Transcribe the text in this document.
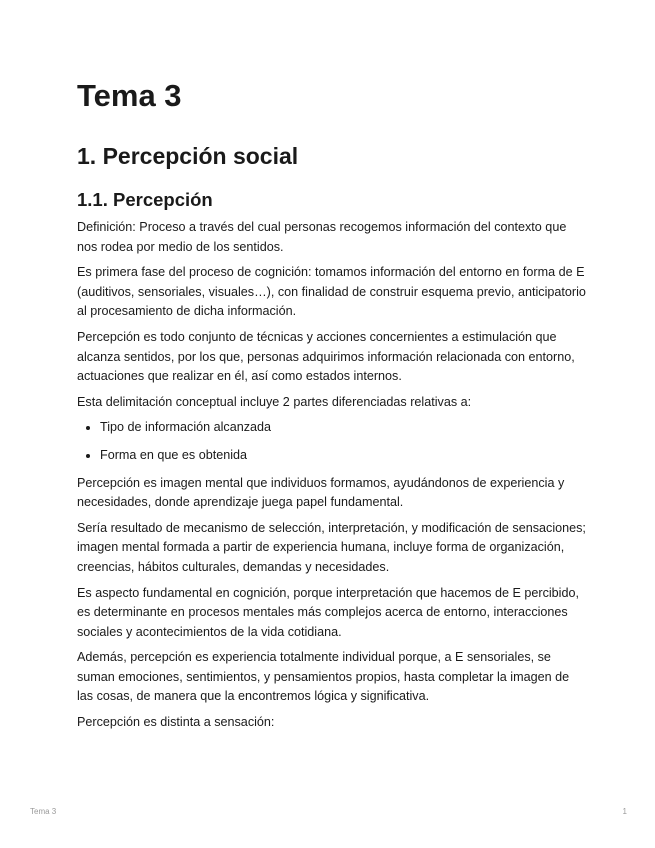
Tema 3
1. Percepción social
1.1. Percepción

Definición: Proceso a través del cual personas recogemos información del contexto que nos rodea por medio de los sentidos.

Es primera fase del proceso de cognición: tomamos información del entorno en forma de E (auditivos, sensoriales, visuales…), con finalidad de construir esquema previo, anticipatorio al procesamiento de dicha información.

Percepción es todo conjunto de técnicas y acciones concernientes a estimulación que alcanza sentidos, por los que, personas adquirimos información relacionada con entorno, actuaciones que realizar en él, así como estados internos.

Esta delimitación conceptual incluye 2 partes diferenciadas relativas a:

• Tipo de información alcanzada
• Forma en que es obtenida

Percepción es imagen mental que individuos formamos, ayudándonos de experiencia y necesidades, donde aprendizaje juega papel fundamental.

Sería resultado de mecanismo de selección, interpretación, y modificación de sensaciones; imagen mental formada a partir de experiencia humana, incluye forma de organización, creencias, hábitos culturales, demandas y necesidades.

Es aspecto fundamental en cognición, porque interpretación que hacemos de E percibido, es determinante en procesos mentales más complejos acerca de entorno, interacciones sociales y acontecimientos de la vida cotidiana.

Además, percepción es experiencia totalmente individual porque, a E sensoriales, se suman emociones, sentimientos, y pensamientos propios, hasta completar la imagen de las cosas, de manera que la encontremos lógica y significativa.

Percepción es distinta a sensación:

Tema 3	1
